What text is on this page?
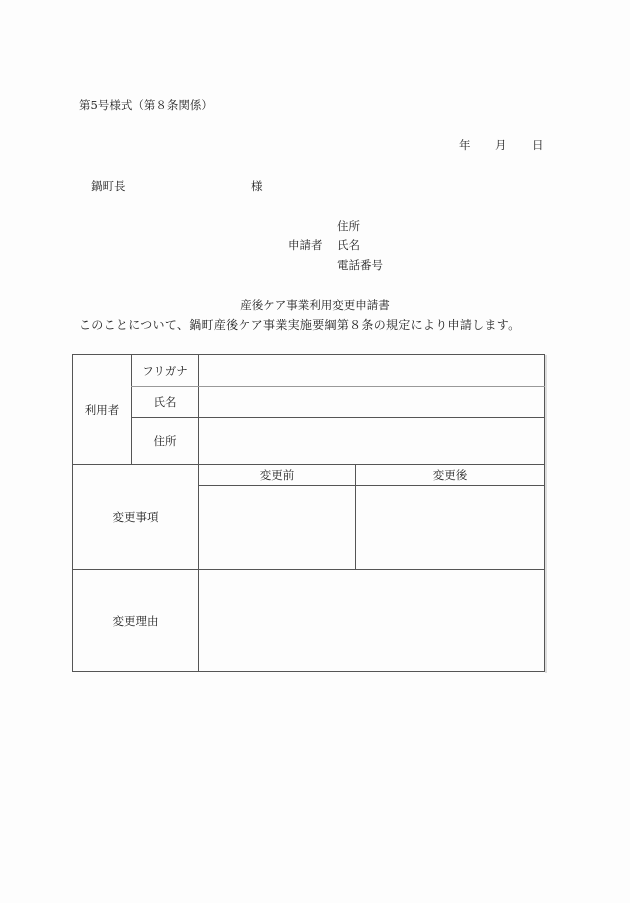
第5号様式（第８条関係）
年 月 日
鍋町長	様
申請者
住所
氏名
電話番号
産後ケア事業利用変更申請書
このことについて、鍋町産後ケア事業実施要綱第８条の規定により申請します。
利用者
フリガナ
氏名
住所
変更事項
変更前	変更後
変更理由
